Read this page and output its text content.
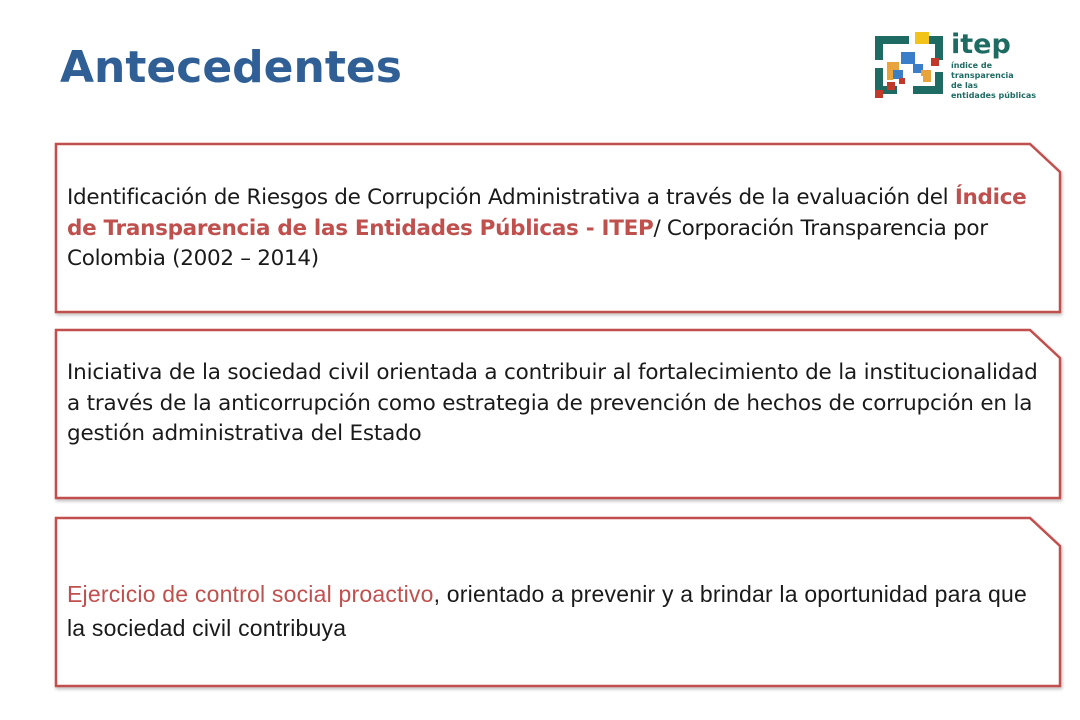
Antecedentes	itep
índice de
transparencia
de las
entidades públicas

Identificación de Riesgos de Corrupción Administrativa a través de la evaluación del Índice de Transparencia de las Entidades Públicas - ITEP/ Corporación Transparencia por Colombia (2002 – 2014)

Iniciativa de la sociedad civil orientada a contribuir al fortalecimiento de la institucionalidad a través de la anticorrupción como estrategia de prevención de hechos de corrupción en la gestión administrativa del Estado

Ejercicio de control social proactivo, orientado a prevenir y a brindar la oportunidad para que la sociedad civil contribuya
